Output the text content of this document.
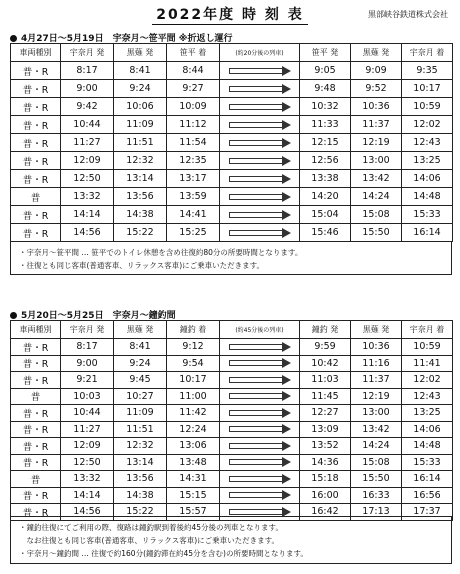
2022年度 時 刻 表	黒部峡谷鉄道株式会社
4月27日～5月19日　宇奈月～笹平間 ※折返し運行
車両種別	宇奈月 発	黒薙 発	笹平 着	(約20分後の列車)	笹平 発	黒薙 発	宇奈月 着
普・R	8:17	8:41	8:44		9:05	9:09	9:35
普・R	9:00	9:24	9:27		9:48	9:52	10:17
普・R	9:42	10:06	10:09		10:32	10:36	10:59
普・R	10:44	11:09	11:12		11:33	11:37	12:02
普・R	11:27	11:51	11:54		12:15	12:19	12:43
普・R	12:09	12:32	12:35		12:56	13:00	13:25
普・R	12:50	13:14	13:17		13:38	13:42	14:06
普	13:32	13:56	13:59		14:20	14:24	14:48
普・R	14:14	14:38	14:41		15:04	15:08	15:33
普・R	14:56	15:22	15:25		15:46	15:50	16:14
・宇奈月～笹平間 … 笹平でのトイレ休憩を含め往復約80分の所要時間となります。
・往復とも同じ客車(普通客車、リラックス客車)にご乗車いただきます。
5月20日～5月25日　宇奈月～鐘釣間
車両種別	宇奈月 発	黒薙 発	鐘釣 着	(約45分後の列車)	鐘釣 発	黒薙 発	宇奈月 着
普・R	8:17	8:41	9:12		9:59	10:36	10:59
普・R	9:00	9:24	9:54		10:42	11:16	11:41
普・R	9:21	9:45	10:17		11:03	11:37	12:02
普	10:03	10:27	11:00		11:45	12:19	12:43
普・R	10:44	11:09	11:42		12:27	13:00	13:25
普・R	11:27	11:51	12:24		13:09	13:42	14:06
普・R	12:09	12:32	13:06		13:52	14:24	14:48
普・R	12:50	13:14	13:48		14:36	15:08	15:33
普	13:32	13:56	14:31		15:18	15:50	16:14
普・R	14:14	14:38	15:15		16:00	16:33	16:56
普・R	14:56	15:22	15:57		16:42	17:13	17:37
・鐘釣往復にてご利用の際、復路は鐘釣駅到着後約45分後の列車となります。
　なお往復とも同じ客車(普通客車、リラックス客車)にご乗車いただきます。
・宇奈月～鐘釣間 … 往復で約160分(鐘釣滞在約45分を含む)の所要時間となります。
